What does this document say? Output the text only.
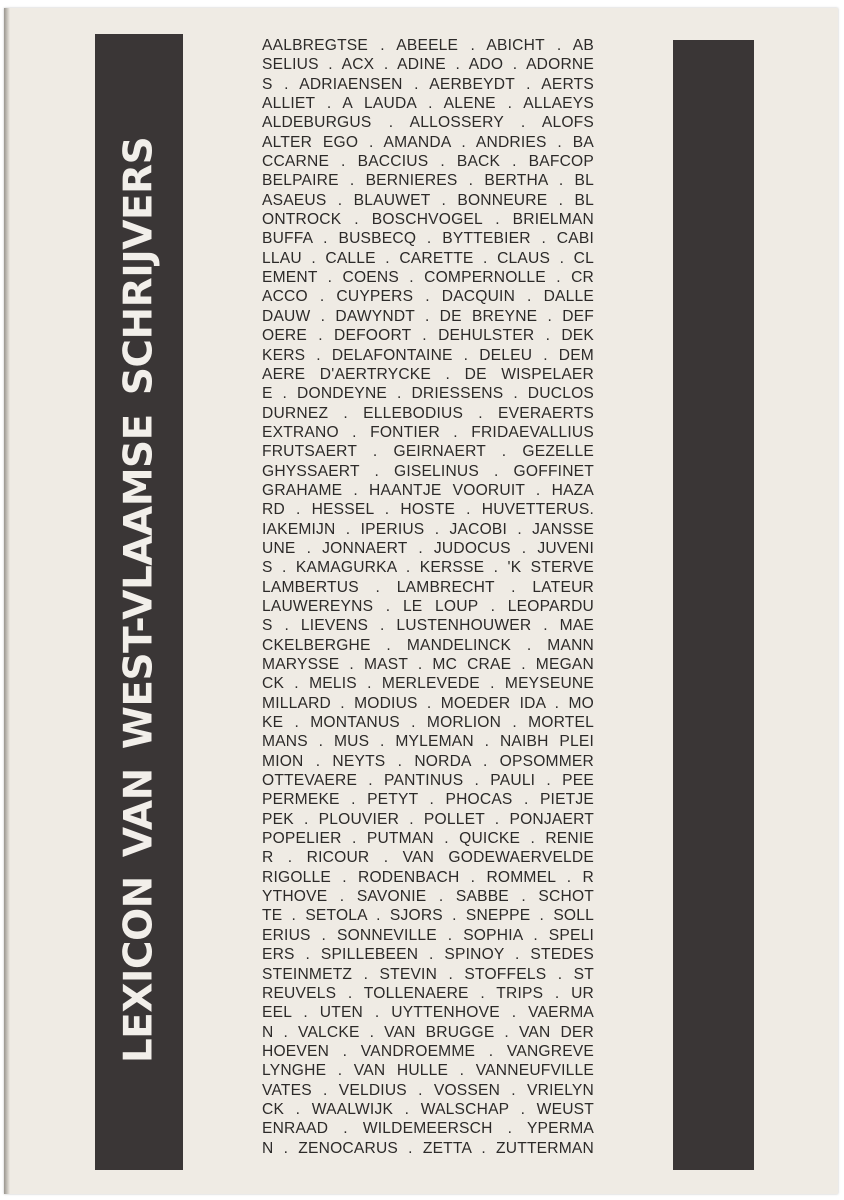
LEXICON VAN WEST-VLAAMSE SCHRIJVERS
AALBREGTSE . ABEELE . ABICHT . AB
SELIUS . ACX . ADINE . ADO . ADORNE
S . ADRIAENSEN . AERBEYDT . AERTS
ALLIET . A LAUDA . ALENE . ALLAEYS
ALDEBURGUS . ALLOSSERY . ALOFS
ALTER EGO . AMANDA . ANDRIES . BA
CCARNE . BACCIUS . BACK . BAFCOP
BELPAIRE . BERNIERES . BERTHA . BL
ASAEUS . BLAUWET . BONNEURE . BL
ONTROCK . BOSCHVOGEL . BRIELMAN
BUFFA . BUSBECQ . BYTTEBIER . CABI
LLAU . CALLE . CARETTE . CLAUS . CL
EMENT . COENS . COMPERNOLLE . CR
ACCO . CUYPERS . DACQUIN . DALLE
DAUW . DAWYNDT . DE BREYNE . DEF
OERE . DEFOORT . DEHULSTER . DEK
KERS . DELAFONTAINE . DELEU . DEM
AERE D'AERTRYCKE . DE WISPELAER
E . DONDEYNE . DRIESSENS . DUCLOS
DURNEZ . ELLEBODIUS . EVERAERTS
EXTRANO . FONTIER . FRIDAEVALLIUS
FRUTSAERT . GEIRNAERT . GEZELLE
GHYSSAERT . GISELINUS . GOFFINET
GRAHAME . HAANTJE VOORUIT . HAZA
RD . HESSEL . HOSTE . HUVETTERUS.
IAKEMIJN . IPERIUS . JACOBI . JANSSE
UNE . JONNAERT . JUDOCUS . JUVENI
S . KAMAGURKA . KERSSE . 'K STERVE
LAMBERTUS . LAMBRECHT . LATEUR
LAUWEREYNS . LE LOUP . LEOPARDU
S . LIEVENS . LUSTENHOUWER . MAE
CKELBERGHE . MANDELINCK . MANN
MARYSSE . MAST . MC CRAE . MEGAN
CK . MELIS . MERLEVEDE . MEYSEUNE
MILLARD . MODIUS . MOEDER IDA . MO
KE . MONTANUS . MORLION . MORTEL
MANS . MUS . MYLEMAN . NAIBH PLEI
MION . NEYTS . NORDA . OPSOMMER
OTTEVAERE . PANTINUS . PAULI . PEE
PERMEKE . PETYT . PHOCAS . PIETJE
PEK . PLOUVIER . POLLET . PONJAERT
POPELIER . PUTMAN . QUICKE . RENIE
R . RICOUR . VAN GODEWAERVELDE
RIGOLLE . RODENBACH . ROMMEL . R
YTHOVE . SAVONIE . SABBE . SCHOT
TE . SETOLA . SJORS . SNEPPE . SOLL
ERIUS . SONNEVILLE . SOPHIA . SPELI
ERS . SPILLEBEEN . SPINOY . STEDES
STEINMETZ . STEVIN . STOFFELS . ST
REUVELS . TOLLENAERE . TRIPS . UR
EEL . UTEN . UYTTENHOVE . VAERMA
N . VALCKE . VAN BRUGGE . VAN DER
HOEVEN . VANDROEMME . VANGREVE
LYNGHE . VAN HULLE . VANNEUFVILLE
VATES . VELDIUS . VOSSEN . VRIELYN
CK . WAALWIJK . WALSCHAP . WEUST
ENRAAD . WILDEMEERSCH . YPERMA
N . ZENOCARUS . ZETTA . ZUTTERMAN
